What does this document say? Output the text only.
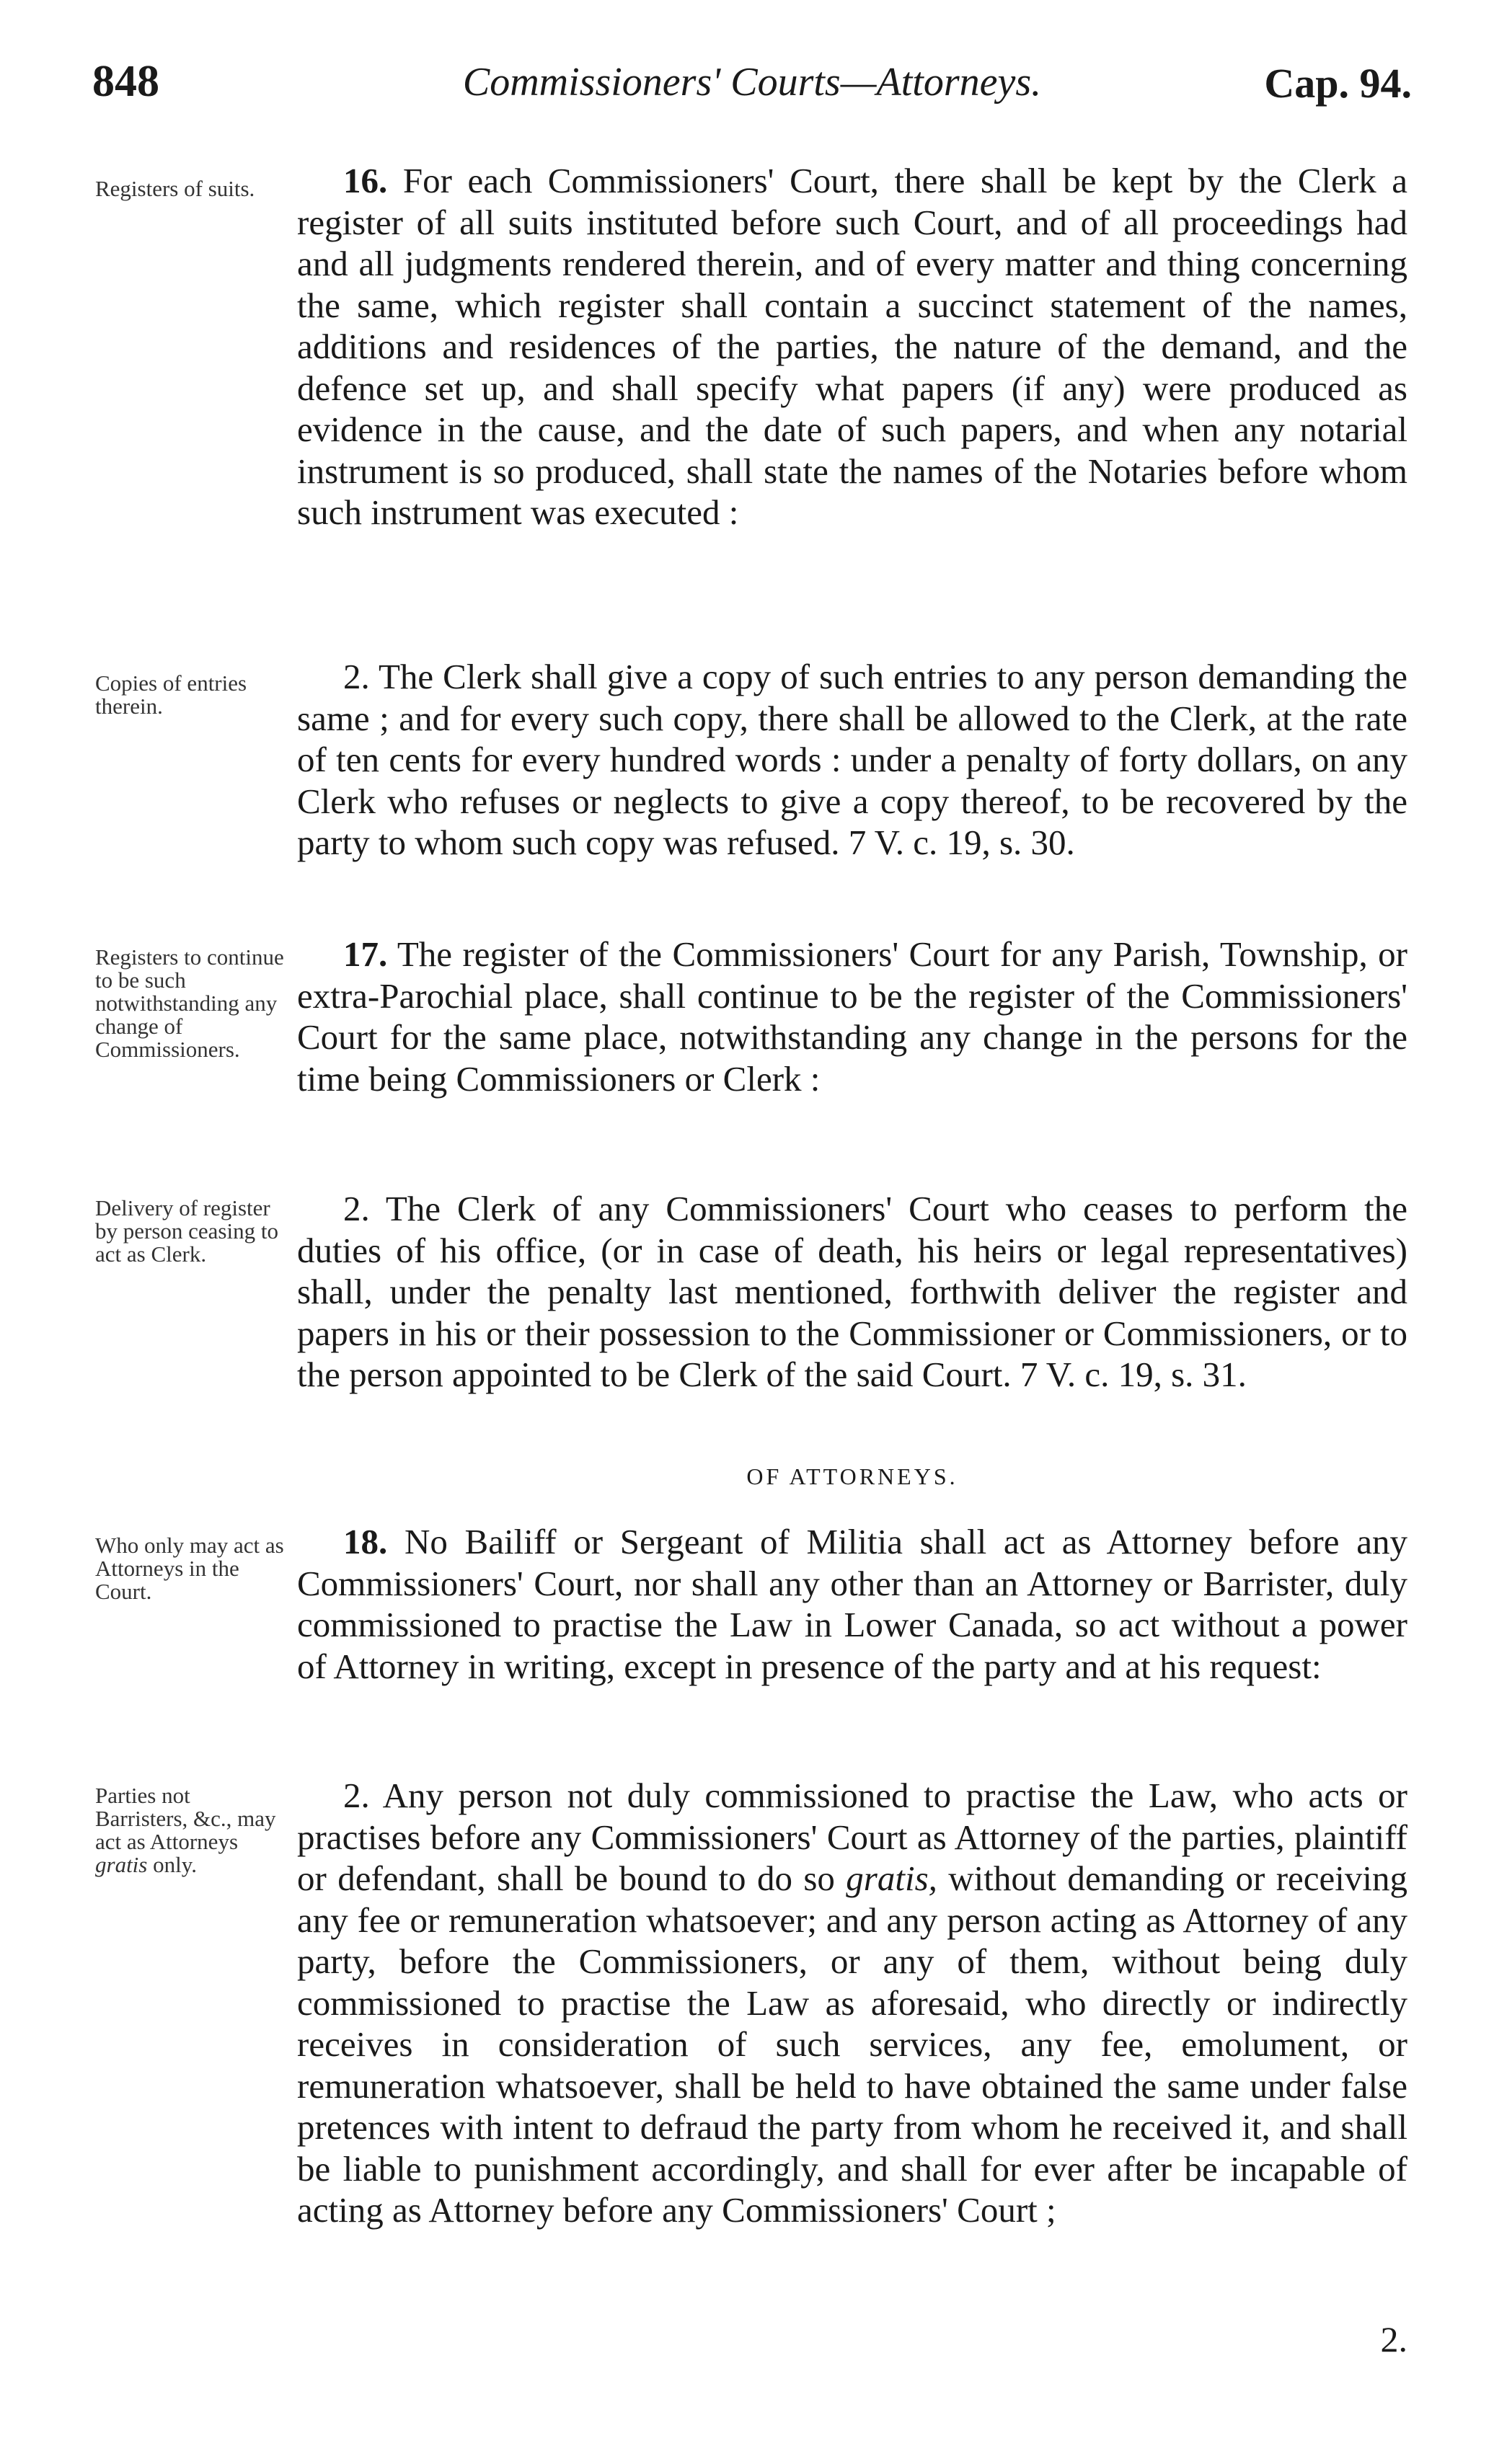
848	Commissioners' Courts—Attorneys.	Cap. 94.
Registers of suits.	16. For each Commissioners' Court, there shall be kept by the Clerk a register of all suits instituted before such Court, and of all proceedings had and all judgments rendered therein, and of every matter and thing concerning the same, which register shall contain a succinct statement of the names, additions and residences of the parties, the nature of the demand, and the defence set up, and shall specify what papers (if any) were produced as evidence in the cause, and the date of such papers, and when any notarial instrument is so produced, shall state the names of the Notaries before whom such instrument was executed :
Copies of entries therein.
2. The Clerk shall give a copy of such entries to any person demanding the same ; and for every such copy, there shall be allowed to the Clerk, at the rate of ten cents for every hundred words : under a penalty of forty dollars, on any Clerk who refuses or neglects to give a copy thereof, to be recovered by the party to whom such copy was refused. 7 V. c. 19, s. 30.
Registers to continue to be such notwithstanding any change of Commissioners.
17. The register of the Commissioners' Court for any Parish, Township, or extra-Parochial place, shall continue to be the register of the Commissioners' Court for the same place, notwithstanding any change in the persons for the time being Commissioners or Clerk :
Delivery of register by person ceasing to act as Clerk.
2. The Clerk of any Commissioners' Court who ceases to perform the duties of his office, (or in case of death, his heirs or legal representatives) shall, under the penalty last mentioned, forthwith deliver the register and papers in his or their possession to the Commissioner or Commissioners, or to the person appointed to be Clerk of the said Court. 7 V. c. 19, s. 31.
OF ATTORNEYS.
Who only may act as Attorneys in the Court.
18. No Bailiff or Sergeant of Militia shall act as Attorney before any Commissioners' Court, nor shall any other than an Attorney or Barrister, duly commissioned to practise the Law in Lower Canada, so act without a power of Attorney in writing, except in presence of the party and at his request:
Parties not Barristers, &c., may act as Attorneys gratis only.
2. Any person not duly commissioned to practise the Law, who acts or practises before any Commissioners' Court as Attorney of the parties, plaintiff or defendant, shall be bound to do so gratis, without demanding or receiving any fee or remuneration whatsoever; and any person acting as Attorney of any party, before the Commissioners, or any of them, without being duly commissioned to practise the Law as aforesaid, who directly or indirectly receives in consideration of such services, any fee, emolument, or remuneration whatsoever, shall be held to have obtained the same under false pretences with intent to defraud the party from whom he received it, and shall be liable to punishment accordingly, and shall for ever after be incapable of acting as Attorney before any Commissioners' Court ;
2.
